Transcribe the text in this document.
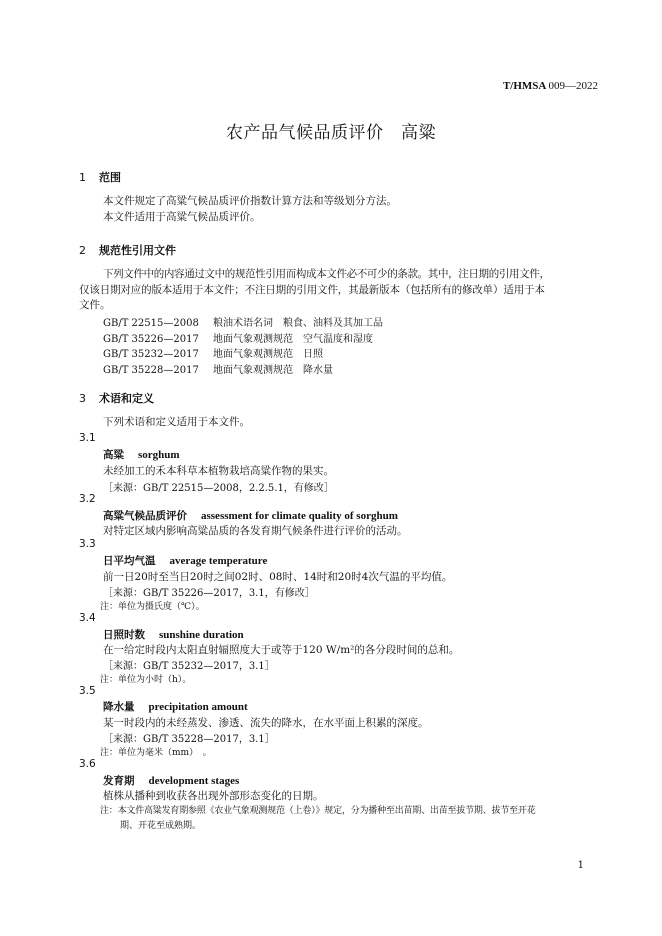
T/HMSA 009—2022
农产品气候品质评价　高粱
1 范围
本文件规定了高粱气候品质评价指数计算方法和等级划分方法。
本文件适用于高粱气候品质评价。
2 规范性引用文件
下列文件中的内容通过文中的规范性引用而构成本文件必不可少的条款。其中，注日期的引用文件，
仅该日期对应的版本适用于本文件；不注日期的引用文件，其最新版本（包括所有的修改单）适用于本
文件。
GB/T 22515—2008 粮油术语名词　粮食、油料及其加工品
GB/T 35226—2017 地面气象观测规范　空气温度和湿度
GB/T 35232—2017 地面气象观测规范　日照
GB/T 35228—2017 地面气象观测规范　降水量
3 术语和定义
下列术语和定义适用于本文件。
3.1
高粱 sorghum
未经加工的禾本科草本植物栽培高粱作物的果实。
［来源：GB/T 22515—2008，2.2.5.1，有修改］
3.2
高粱气候品质评价 assessment for climate quality of sorghum
对特定区域内影响高粱品质的各发育期气候条件进行评价的活动。
3.3
日平均气温 average temperature
前一日20时至当日20时之间02时、08时、14时和20时4次气温的平均值。
［来源：GB/T 35226—2017，3.1，有修改］
注：单位为摄氏度（℃）。
3.4
日照时数 sunshine duration
在一给定时段内太阳直射辐照度大于或等于120 W/m²的各分段时间的总和。
［来源：GB/T 35232—2017，3.1］
注：单位为小时（h）。
3.5
降水量 precipitation amount
某一时段内的未经蒸发、渗透、流失的降水，在水平面上积累的深度。
［来源：GB/T 35228—2017，3.1］
注：单位为毫米（mm）　。
3.6
发育期 development stages
植株从播种到收获各出现外部形态变化的日期。
注：本文件高粱发育期参照《农业气象观测规范（上卷）》规定，分为播种至出苗期、出苗至拔节期、拔节至开花
期、开花至成熟期。
1
